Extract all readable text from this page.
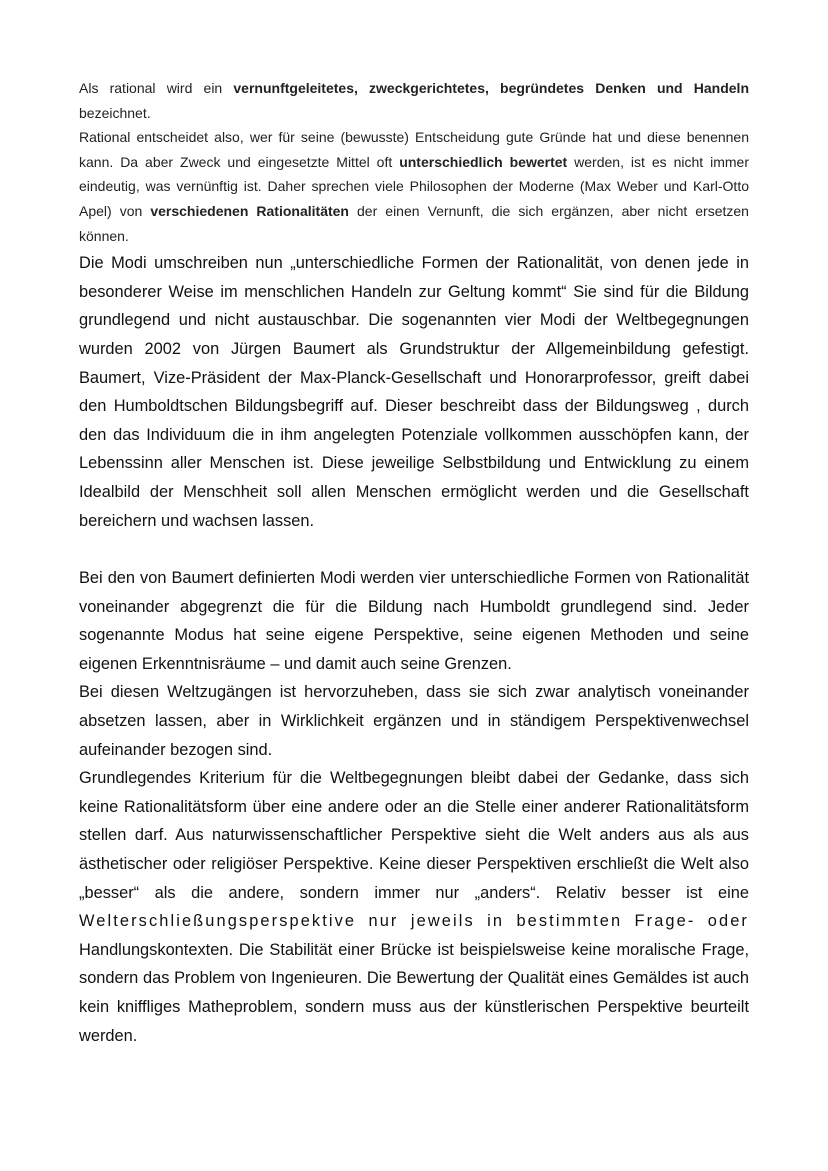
Als rational wird ein vernunftgeleitetes, zweckgerichtetes, begründetes Denken und Handeln bezeichnet.

Rational entscheidet also, wer für seine (bewusste) Entscheidung gute Gründe hat und diese benennen kann. Da aber Zweck und eingesetzte Mittel oft unterschiedlich bewertet werden, ist es nicht immer eindeutig, was vernünftig ist. Daher sprechen viele Philosophen der Moderne (Max Weber und Karl-Otto Apel) von verschiedenen Rationalitäten der einen Vernunft, die sich ergänzen, aber nicht ersetzen können.

Die Modi umschreiben nun „unterschiedliche Formen der Rationalität, von denen jede in besonderer Weise im menschlichen Handeln zur Geltung kommt“ Sie sind für die Bildung grundlegend und nicht austauschbar. Die sogenannten vier Modi der Weltbegegnungen wurden 2002 von Jürgen Baumert als Grundstruktur der Allgemeinbildung gefestigt. Baumert, Vize-Präsident der Max-Planck-Gesellschaft und Honorarprofessor, greift dabei den Humboldtschen Bildungsbegriff auf. Dieser beschreibt dass der Bildungsweg , durch den das Individuum die in ihm angelegten Potenziale vollkommen ausschöpfen kann, der Lebenssinn aller Menschen ist. Diese jeweilige Selbstbildung und Entwicklung zu einem Idealbild der Menschheit soll allen Menschen ermöglicht werden und die Gesellschaft bereichern und wachsen lassen.

Bei den von Baumert definierten Modi werden vier unterschiedliche Formen von Rationalität voneinander abgegrenzt die für die Bildung nach Humboldt grundlegend sind. Jeder sogenannte Modus hat seine eigene Perspektive, seine eigenen Methoden und seine eigenen Erkenntnisräume – und damit auch seine Grenzen.

Bei diesen Weltzugängen ist hervorzuheben, dass sie sich zwar analytisch voneinander absetzen lassen, aber in Wirklichkeit ergänzen und in ständigem Perspektivenwechsel aufeinander bezogen sind.

Grundlegendes Kriterium für die Weltbegegnungen bleibt dabei der Gedanke, dass sich keine Rationalitätsform über eine andere oder an die Stelle einer anderer Rationalitätsform stellen darf. Aus naturwissenschaftlicher Perspektive sieht die Welt anders aus als aus ästhetischer oder religiöser Perspektive. Keine dieser Perspektiven erschließt die Welt also „besser“ als die andere, sondern immer nur „anders“. Relativ besser ist eine Welterschließungsperspektive nur jeweils in bestimmten Frage- oder Handlungskontexten. Die Stabilität einer Brücke ist beispielsweise keine moralische Frage, sondern das Problem von Ingenieuren. Die Bewertung der Qualität eines Gemäldes ist auch kein kniffliges Matheproblem, sondern muss aus der künstlerischen Perspektive beurteilt werden.
